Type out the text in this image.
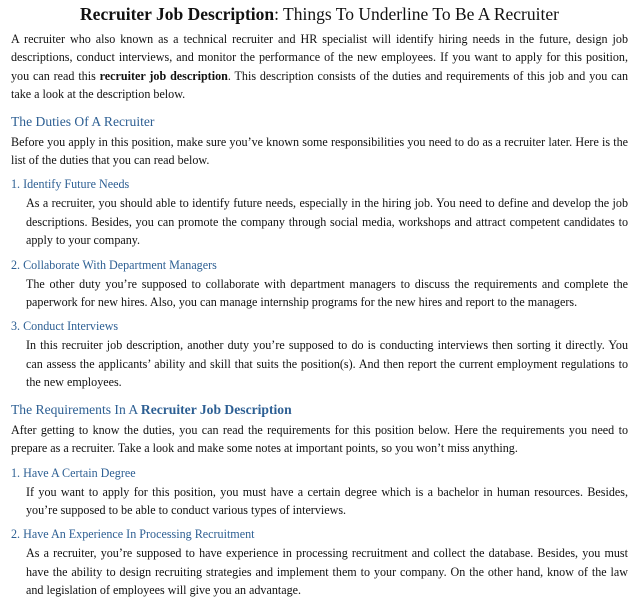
Recruiter Job Description: Things To Underline To Be A Recruiter

A recruiter who also known as a technical recruiter and HR specialist will identify hiring needs in the future, design job descriptions, conduct interviews, and monitor the performance of the new employees. If you want to apply for this position, you can read this recruiter job description. This description consists of the duties and requirements of this job and you can take a look at the description below.

The Duties Of A Recruiter

Before you apply in this position, make sure you’ve known some responsibilities you need to do as a recruiter later. Here is the list of the duties that you can read below.

1. Identify Future Needs

As a recruiter, you should able to identify future needs, especially in the hiring job. You need to define and develop the job descriptions. Besides, you can promote the company through social media, workshops and attract competent candidates to apply to your company.

2. Collaborate With Department Managers

The other duty you’re supposed to collaborate with department managers to discuss the requirements and complete the paperwork for new hires. Also, you can manage internship programs for the new hires and report to the managers.

3. Conduct Interviews

In this recruiter job description, another duty you’re supposed to do is conducting interviews then sorting it directly. You can assess the applicants’ ability and skill that suits the position(s). And then report the current employment regulations to the new employees.

The Requirements In A Recruiter Job Description

After getting to know the duties, you can read the requirements for this position below. Here the requirements you need to prepare as a recruiter. Take a look and make some notes at important points, so you won’t miss anything.

1. Have A Certain Degree

If you want to apply for this position, you must have a certain degree which is a bachelor in human resources. Besides, you’re supposed to be able to conduct various types of interviews.

2. Have An Experience In Processing Recruitment

As a recruiter, you’re supposed to have experience in processing recruitment and collect the database. Besides, you must have the ability to design recruiting strategies and implement them to your company. On the other hand, know of the law and legislation of employees will give you an advantage.
